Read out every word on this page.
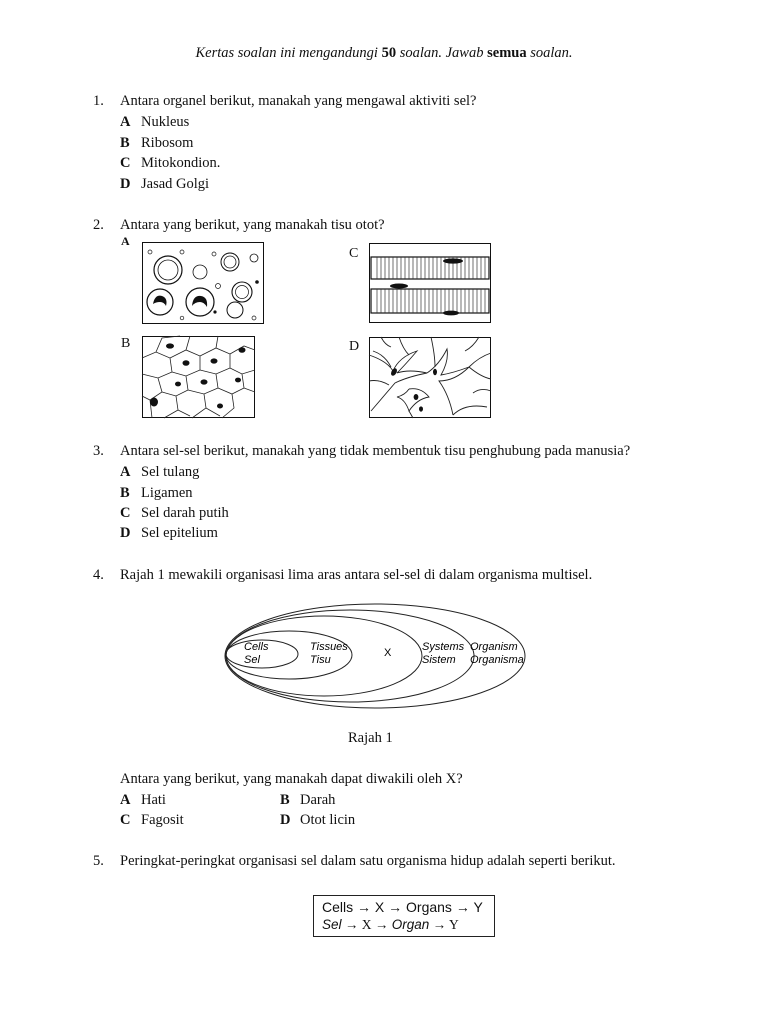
Kertas soalan ini mengandungi 50 soalan. Jawab semua soalan.
1. Antara organel berikut, manakah yang mengawal aktiviti sel?
A Nukleus
B Ribosom
C Mitokondion.
D Jasad Golgi
2. Antara yang berikut, yang manakah tisu otot?
A
C
B	D
3. Antara sel-sel berikut, manakah yang tidak membentuk tisu penghubung pada manusia?
A Sel tulang
B Ligamen
C Sel darah putih
D Sel epitelium
4. Rajah 1 mewakili organisasi lima aras antara sel-sel di dalam organisma multisel.
Cells
Sel
Tissues
Tisu
X	Systems
Sistem
Organism
Organisma
Rajah 1
Antara yang berikut, yang manakah dapat diwakili oleh X?
A Hati	B Darah
C Fagosit	D Otot licin
5. Peringkat-peringkat organisasi sel dalam satu organisma hidup adalah seperti berikut.
Cells → X → Organs → Y
Sel → X → Organ → Y
